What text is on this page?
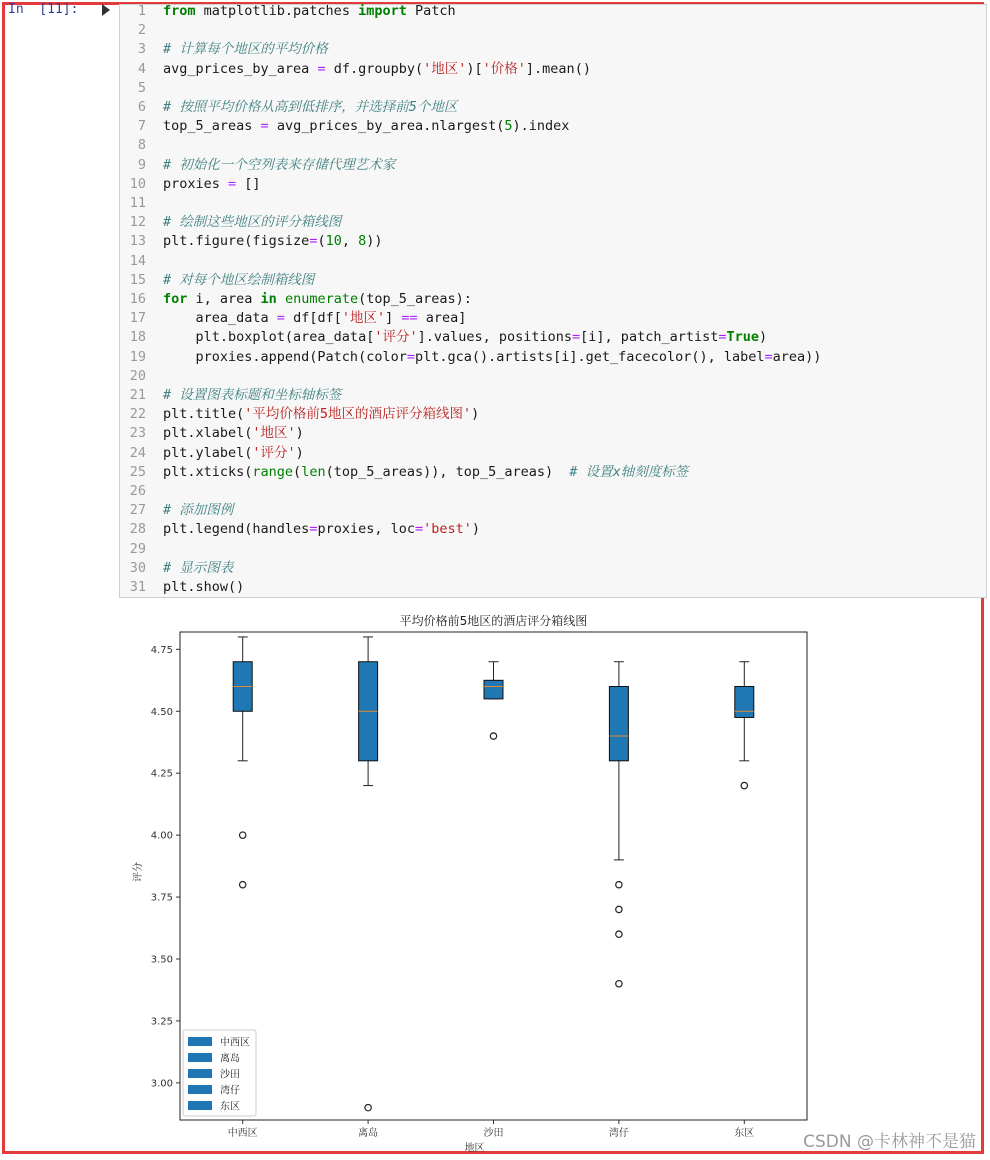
In  [11]:	1 from matplotlib.patches import Patch
2
3 # 计算每个地区的平均价格
4 avg_prices_by_area = df.groupby('地区')['价格'].mean()
5
6 # 按照平均价格从高到低排序，并选择前5个地区
7 top_5_areas = avg_prices_by_area.nlargest(5).index
8
9 # 初始化一个空列表来存储代理艺术家
10 proxies = []
11
12 # 绘制这些地区的评分箱线图
13 plt.figure(figsize=(10, 8))
14
15 # 对每个地区绘制箱线图
16 for i, area in enumerate(top_5_areas):
17 area_data = df[df['地区'] == area]
18 plt.boxplot(area_data['评分'].values, positions=[i], patch_artist=True)
19 proxies.append(Patch(color=plt.gca().artists[i].get_facecolor(), label=area))
20
21 # 设置图表标题和坐标轴标签
22 plt.title('平均价格前5地区的酒店评分箱线图')
23 plt.xlabel('地区')
24 plt.ylabel('评分')
25 plt.xticks(range(len(top_5_areas)), top_5_areas)  # 设置x轴刻度标签
26
27 # 添加图例
28 plt.legend(handles=proxies, loc='best')
29
30 # 显示图表
31 plt.show()
平均价格前5地区的酒店评分箱线图
3.00
3.25
3.50
3.75
4.00
4.25
4.50
4.75
中西区	离岛	沙田	湾仔	东区
地区
评分
中西区
离岛
沙田
湾仔
东区
CSDN @卡林神不是猫
